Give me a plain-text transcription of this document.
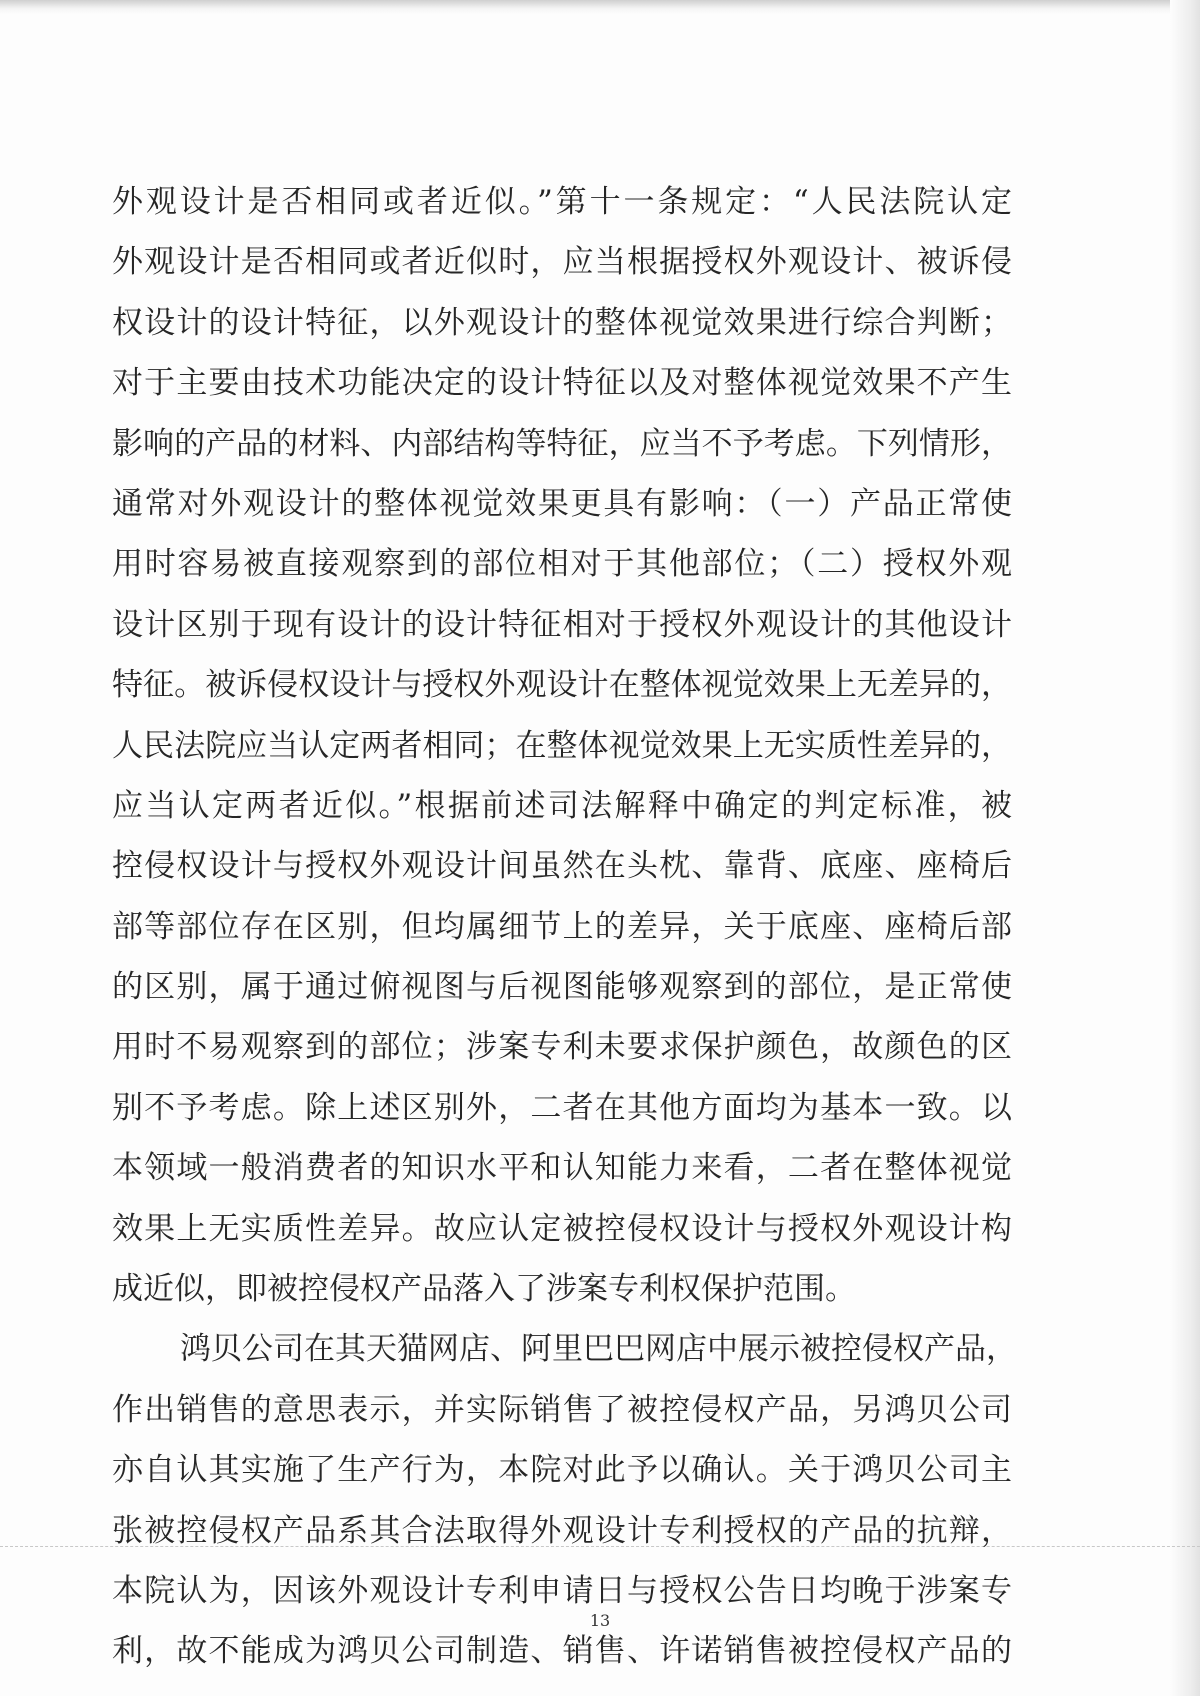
外观设计是否相同或者近似。”第十一条规定：“人民法院认定
外观设计是否相同或者近似时，应当根据授权外观设计、被诉侵
权设计的设计特征，以外观设计的整体视觉效果进行综合判断；
对于主要由技术功能决定的设计特征以及对整体视觉效果不产生
影响的产品的材料、内部结构等特征，应当不予考虑。下列情形，
通常对外观设计的整体视觉效果更具有影响：（一）产品正常使
用时容易被直接观察到的部位相对于其他部位；（二）授权外观
设计区别于现有设计的设计特征相对于授权外观设计的其他设计
特征。被诉侵权设计与授权外观设计在整体视觉效果上无差异的，
人民法院应当认定两者相同；在整体视觉效果上无实质性差异的，
应当认定两者近似。”根据前述司法解释中确定的判定标准，被
控侵权设计与授权外观设计间虽然在头枕、靠背、底座、座椅后
部等部位存在区别，但均属细节上的差异，关于底座、座椅后部
的区别，属于通过俯视图与后视图能够观察到的部位，是正常使
用时不易观察到的部位；涉案专利未要求保护颜色，故颜色的区
别不予考虑。除上述区别外，二者在其他方面均为基本一致。以
本领域一般消费者的知识水平和认知能力来看，二者在整体视觉
效果上无实质性差异。故应认定被控侵权设计与授权外观设计构
成近似，即被控侵权产品落入了涉案专利权保护范围。
鸿贝公司在其天猫网店、阿里巴巴网店中展示被控侵权产品，
作出销售的意思表示，并实际销售了被控侵权产品，另鸿贝公司
亦自认其实施了生产行为，本院对此予以确认。关于鸿贝公司主
张被控侵权产品系其合法取得外观设计专利授权的产品的抗辩，
本院认为，因该外观设计专利申请日与授权公告日均晚于涉案专
利，故不能成为鸿贝公司制造、销售、许诺销售被控侵权产品的
13
